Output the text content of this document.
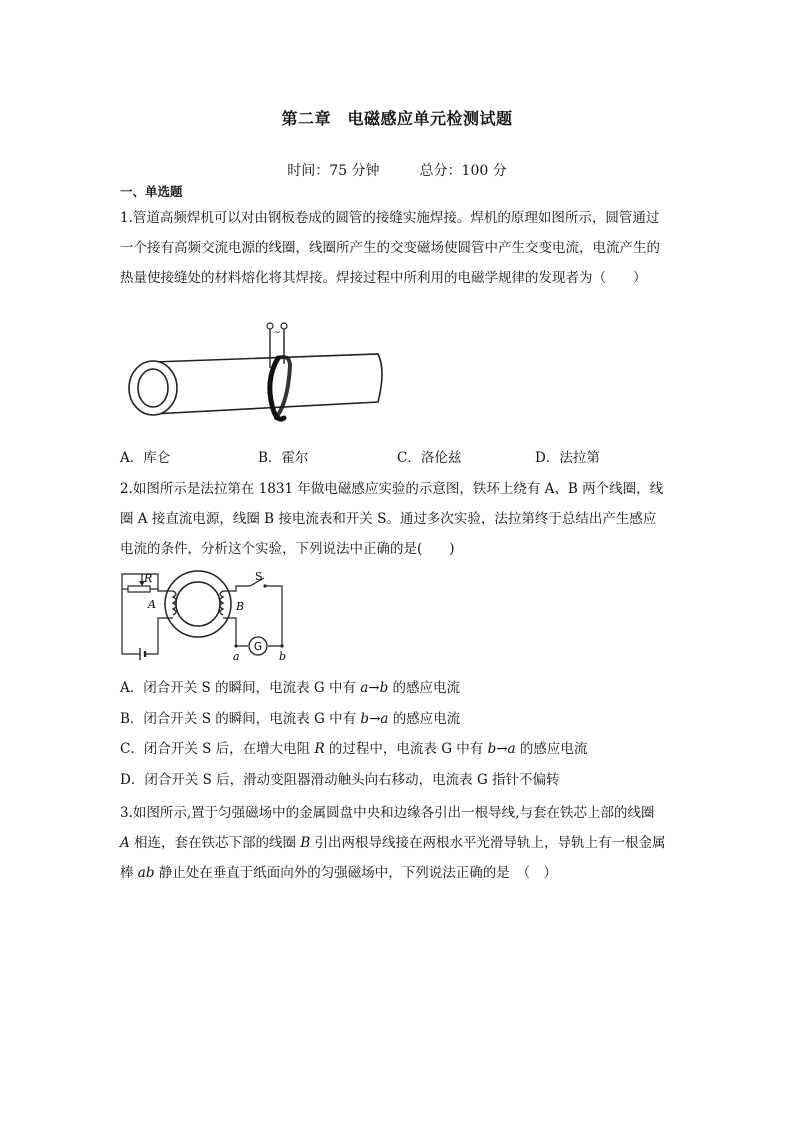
第二章　电磁感应单元检测试题
时间：75 分钟	总分：100 分
一、单选题
1.管道高频焊机可以对由钢板卷成的圆管的接缝实施焊接。焊机的原理如图所示，圆管通过
一个接有高频交流电源的线圈，线圈所产生的交变磁场使圆管中产生交变电流，电流产生的
热量使接缝处的材料熔化将其焊接。焊接过程中所利用的电磁学规律的发现者为（　　）
~
A．库仑	B．霍尔	C．洛伦兹	D．法拉第
2.如图所示是法拉第在 1831 年做电磁感应实验的示意图，铁环上绕有 A、B 两个线圈，线
圈 A 接直流电源，线圈 B 接电流表和开关 S。通过多次实验，法拉第终于总结出产生感应
电流的条件，分析这个实验，下列说法中正确的是(　　)
R	S
A	B
G
a	b
A．闭合开关 S 的瞬间，电流表 G 中有 a→b 的感应电流
B．闭合开关 S 的瞬间，电流表 G 中有 b→a 的感应电流
C．闭合开关 S 后，在增大电阻 R 的过程中，电流表 G 中有 b→a 的感应电流
D．闭合开关 S 后，滑动变阻器滑动触头向右移动，电流表 G 指针不偏转
3.如图所示,置于匀强磁场中的金属圆盘中央和边缘各引出一根导线,与套在铁芯上部的线圈
A 相连，套在铁芯下部的线圈 B 引出两根导线接在两根水平光滑导轨上，导轨上有一根金属
棒 ab 静止处在垂直于纸面向外的匀强磁场中，下列说法正确的是　（　）
